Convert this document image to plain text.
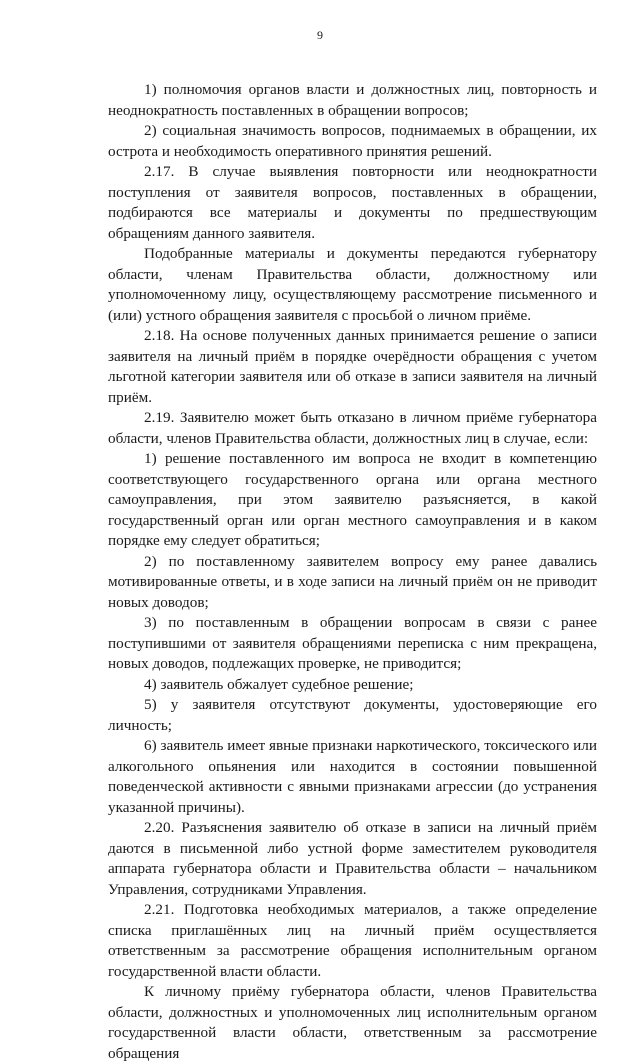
9

1) полномочия органов власти и должностных лиц, повторность и неоднократность поставленных в обращении вопросов;

2) социальная значимость вопросов, поднимаемых в обращении, их острота и необходимость оперативного принятия решений.

2.17. В случае выявления повторности или неоднократности поступления от заявителя вопросов, поставленных в обращении, подбираются все материалы и документы по предшествующим обращениям данного заявителя.

Подобранные материалы и документы передаются губернатору области, членам Правительства области, должностному или уполномоченному лицу, осуществляющему рассмотрение письменного и (или) устного обращения заявителя с просьбой о личном приёме.

2.18. На основе полученных данных принимается решение о записи заявителя на личный приём в порядке очерёдности обращения с учетом льготной категории заявителя или об отказе в записи заявителя на личный приём.

2.19. Заявителю может быть отказано в личном приёме губернатора области, членов Правительства области, должностных лиц в случае, если:

1) решение поставленного им вопроса не входит в компетенцию соответствующего государственного органа или органа местного самоуправления, при этом заявителю разъясняется, в какой государственный орган или орган местного самоуправления и в каком порядке ему следует обратиться;

2) по поставленному заявителем вопросу ему ранее давались мотивированные ответы, и в ходе записи на личный приём он не приводит новых доводов;

3) по поставленным в обращении вопросам в связи с ранее поступившими от заявителя обращениями переписка с ним прекращена, новых доводов, подлежащих проверке, не приводится;

4) заявитель обжалует судебное решение;

5) у заявителя отсутствуют документы, удостоверяющие его личность;

6) заявитель имеет явные признаки наркотического, токсического или алкогольного опьянения или находится в состоянии повышенной поведенческой активности с явными признаками агрессии (до устранения указанной причины).

2.20. Разъяснения заявителю об отказе в записи на личный приём даются в письменной либо устной форме заместителем руководителя аппарата губернатора области и Правительства области – начальником Управления, сотрудниками Управления.

2.21. Подготовка необходимых материалов, а также определение списка приглашённых лиц на личный приём осуществляется ответственным за рассмотрение обращения исполнительным органом государственной власти области.

К личному приёму губернатора области, членов Правительства области, должностных и уполномоченных лиц исполнительным органом государственной власти области, ответственным за рассмотрение обращения
